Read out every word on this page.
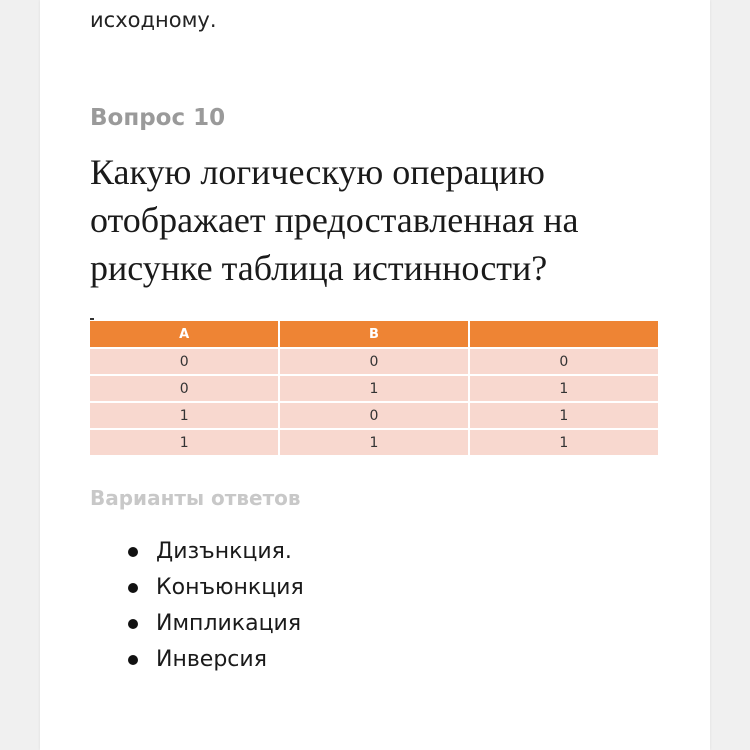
исходному.

Вопрос 10

Какую логическую операцию отображает предоставленная на рисунке таблица истинности?

A	B	
0	0	0
0	1	1
1	0	1
1	1	1

Варианты ответов

Дизънкция.
Конъюнкция
Импликация
Инверсия
